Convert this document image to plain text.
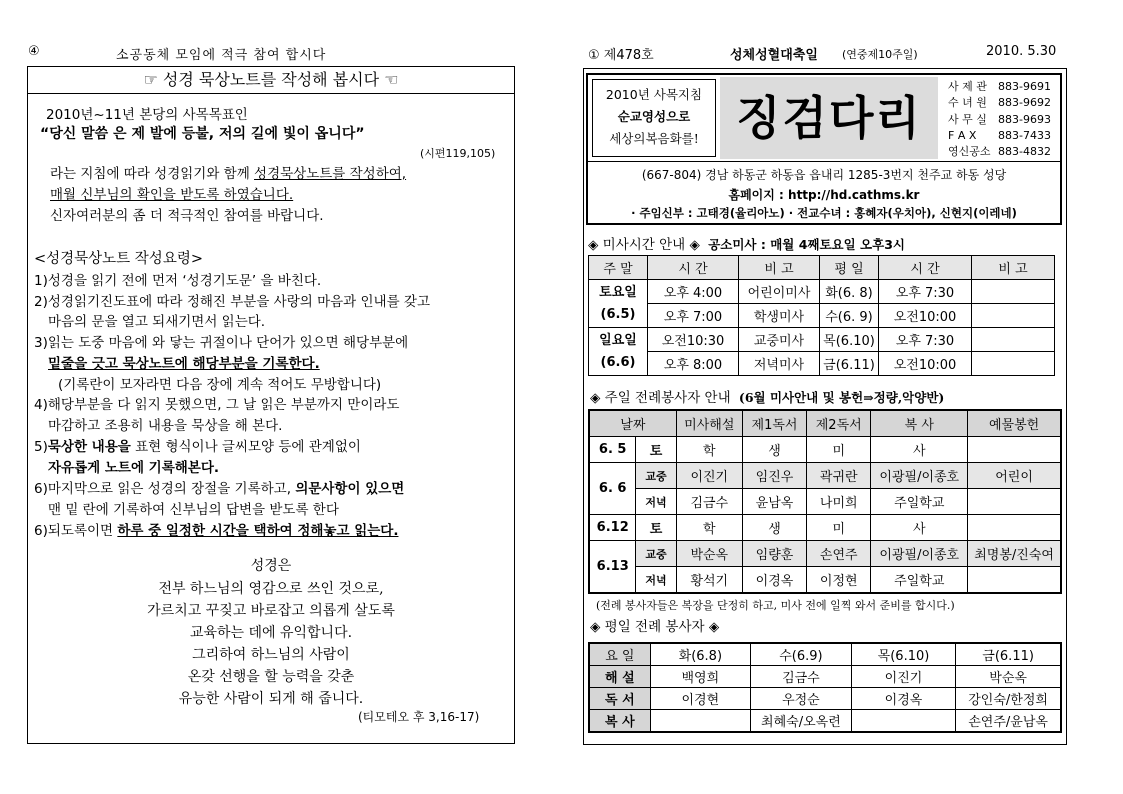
④	소공동체 모임에 적극 참여 합시다
☞ 성경 묵상노트를 작성해 봅시다 ☜
2010년~11년 본당의 사목목표인
“당신 말씀 은 제 발에 등불, 저의 길에 빛이 옵니다”
(시편119,105)
라는 지침에 따라 성경읽기와 함께 성경묵상노트를 작성하여,
매월 신부님의 확인을 받도록 하였습니다.
신자여러분의 좀 더 적극적인 참여를 바랍니다.
<성경묵상노트 작성요령>
1)성경을 읽기 전에 먼저 ‘성경기도문’ 을 바친다.
2)성경읽기진도표에 따라 정해진 부분을 사랑의 마음과 인내를 갖고
마음의 문을 열고 되새기면서 읽는다.
3)읽는 도중 마음에 와 닿는 귀절이나 단어가 있으면 해당부분에
밑줄을 긋고 묵상노트에 해당부분을 기록한다.
(기록란이 모자라면 다음 장에 계속 적어도 무방합니다)
4)해당부분을 다 읽지 못했으면, 그 날 읽은 부분까지 만이라도
마감하고 조용히 내용을 묵상을 해 본다.
5)묵상한 내용을 표현 형식이나 글씨모양 등에 관계없이
자유롭게 노트에 기록해본다.
6)마지막으로 읽은 성경의 장절을 기록하고, 의문사항이 있으면
맨 밑 란에 기록하여 신부님의 답변을 받도록 한다
6)되도록이면 하루 중 일정한 시간을 택하여 정해놓고 읽는다.
성경은
전부 하느님의 영감으로 쓰인 것으로,
가르치고 꾸짖고 바로잡고 의롭게 살도록
교육하는 데에 유익합니다.
그리하여 하느님의 사람이
온갖 선행을 할 능력을 갖춘
유능한 사람이 되게 해 줍니다.
(티모테오 후 3,16-17)
① 제478호	성체성혈대축일 (연중제10주일)	2010. 5.30
2010년 사목지침
순교영성으로
세상의복음화를! 징검다리
사 제 관 883-9691
수 녀 원 883-9692
사 무 실 883-9693
F A X 883-7433
영신공소 883-4832
(667-804) 경남 하동군 하동읍 읍내리 1285-3번지 천주교 하동 성당
홈페이지 : http://hd.cathms.kr
· 주임신부 : 고태경(율리아노) · 전교수녀 : 홍혜자(우치아), 신현지(이레네)
◈ 미사시간 안내 ◈ 공소미사 : 매월 4째토요일 오후3시
주 말	시 간	비 고	평 일	시 간	비 고

토요일
(6.5)	오후 4:00	어린이미사	화(6. 8)	오후 7:30	
	오후 7:00	학생미사	수(6. 9)	오전10:00	

일요일
(6.6)	오전10:30	교중미사	목(6.10)	오후 7:30	
	오후 8:00	저녁미사	금(6.11)	오전10:00	
◈ 주일 전례봉사자 안내 (6월 미사안내 및 봉헌⇒정량,악양반)
날짜		미사해설	제1독서	제2독서	복 사	예물봉헌
6. 5	토	학	생	미	사	
6. 6	교중	이진기	임진우	곽귀란	이광필/이종호	어린이
	저녁	김금수	윤남옥	나미희	주일학교	
6.12	토	학	생	미	사	
6.13	교중	박순옥	임량훈	손연주	이광필/이종호	최명봉/진숙여
	저녁	황석기	이경옥	이정현	주일학교	
(전례 봉사자들은 복장을 단정히 하고, 미사 전에 일찍 와서 준비를 합시다.)
◈ 평일 전례 봉사자 ◈
요 일	화(6.8)	수(6.9)	목(6.10)	금(6.11)
해 설	백영희	김금수	이진기	박순옥
독 서	이경현	우정순	이경옥	강인숙/한정희
복 사		최혜숙/오옥련		손연주/윤남옥
